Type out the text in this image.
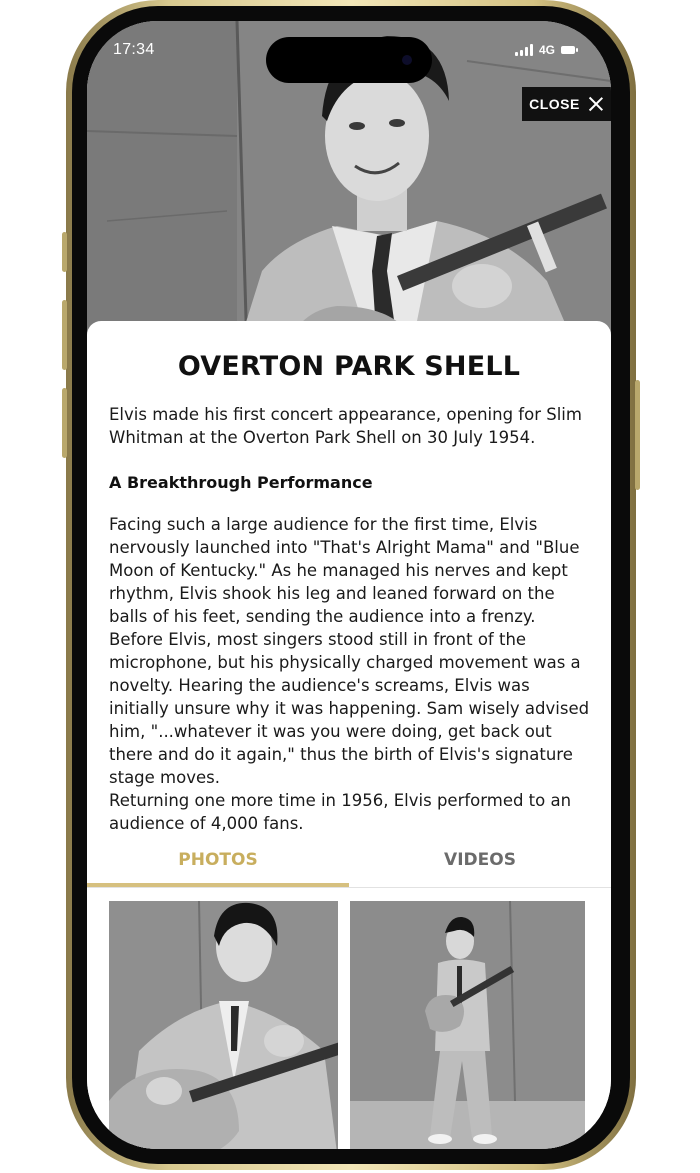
17:34	4G
CLOSE
OVERTON PARK SHELL

Elvis made his first concert appearance, opening for Slim Whitman at the Overton Park Shell on 30 July 1954.

A Breakthrough Performance

Facing such a large audience for the first time, Elvis nervously launched into "That's Alright Mama" and "Blue Moon of Kentucky." As he managed his nerves and kept rhythm, Elvis shook his leg and leaned forward on the balls of his feet, sending the audience into a frenzy. Before Elvis, most singers stood still in front of the microphone, but his physically charged movement was a novelty. Hearing the audience's screams, Elvis was initially unsure why it was happening. Sam wisely advised him, "...whatever it was you were doing, get back out there and do it again," thus the birth of Elvis's signature stage moves.

Returning one more time in 1956, Elvis performed to an audience of 4,000 fans.

PHOTOS	VIDEOS
